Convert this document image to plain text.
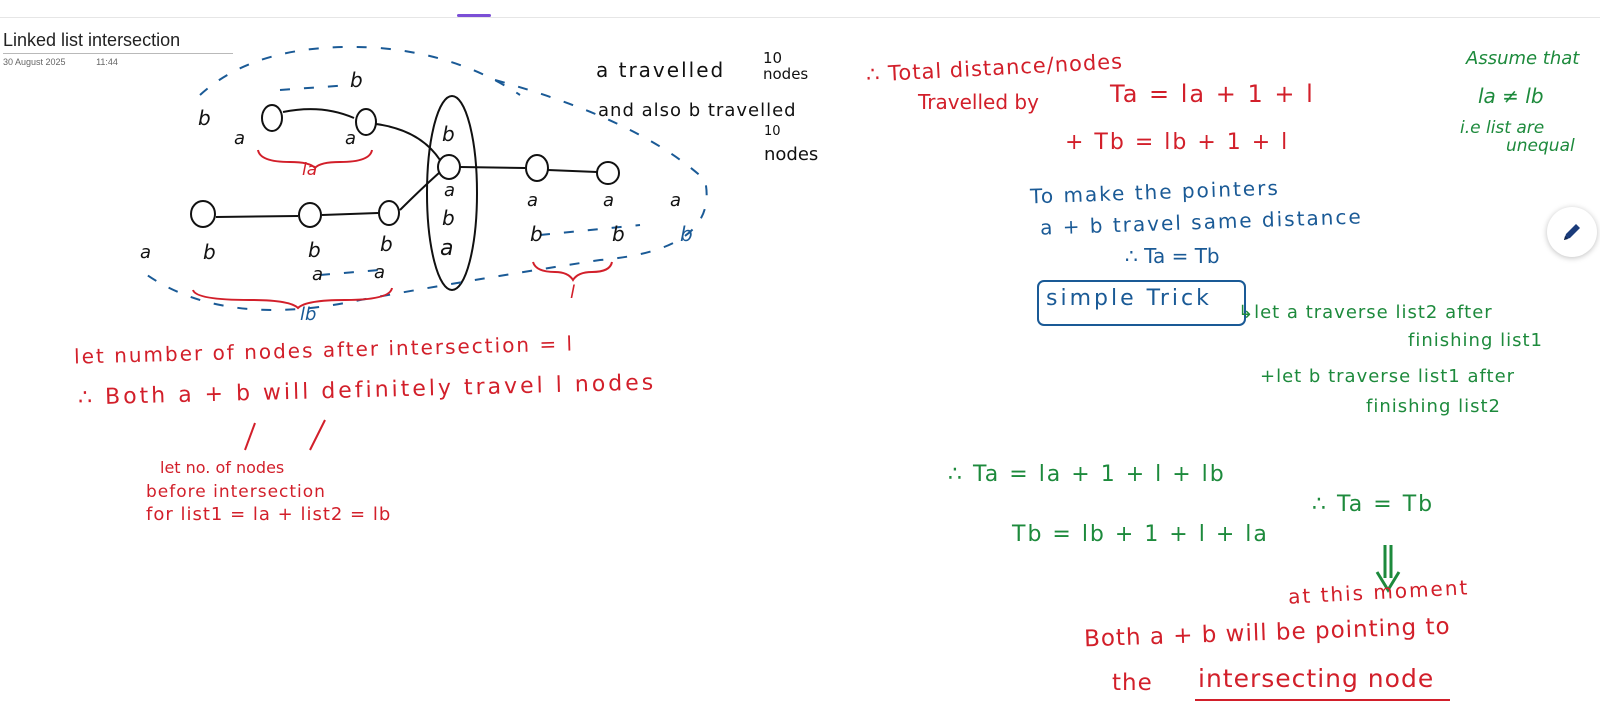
Linked list intersection
30 August 2025	11:44
b
b
a	a	b
a
b
a
a	a	a
b	b	b
a	b	b	b
a	a
la
lb
l
a travelled	10 nodes
and also b travelled
10
nodes
let number of nodes after intersection = l
∴ Both a + b will definitely travel l nodes
let no. of nodes
before intersection
for list1 = la + list2 = lb
∴ Total distance/nodes
Travelled by	Ta = la + 1 + l
+ Tb = lb + 1 + l
To make the pointers
a + b travel same distance
∴ Ta = Tb
simple Trick
Assume that
la ≠ lb
i.e list are
unequal
↳let a traverse list2 after
finishing list1
+let b traverse list1 after
finishing list2
∴ Ta = la + 1 + l + lb
Tb = lb + 1 + l + la
∴ Ta = Tb
at this moment
Both a + b will be pointing to
the intersecting node
